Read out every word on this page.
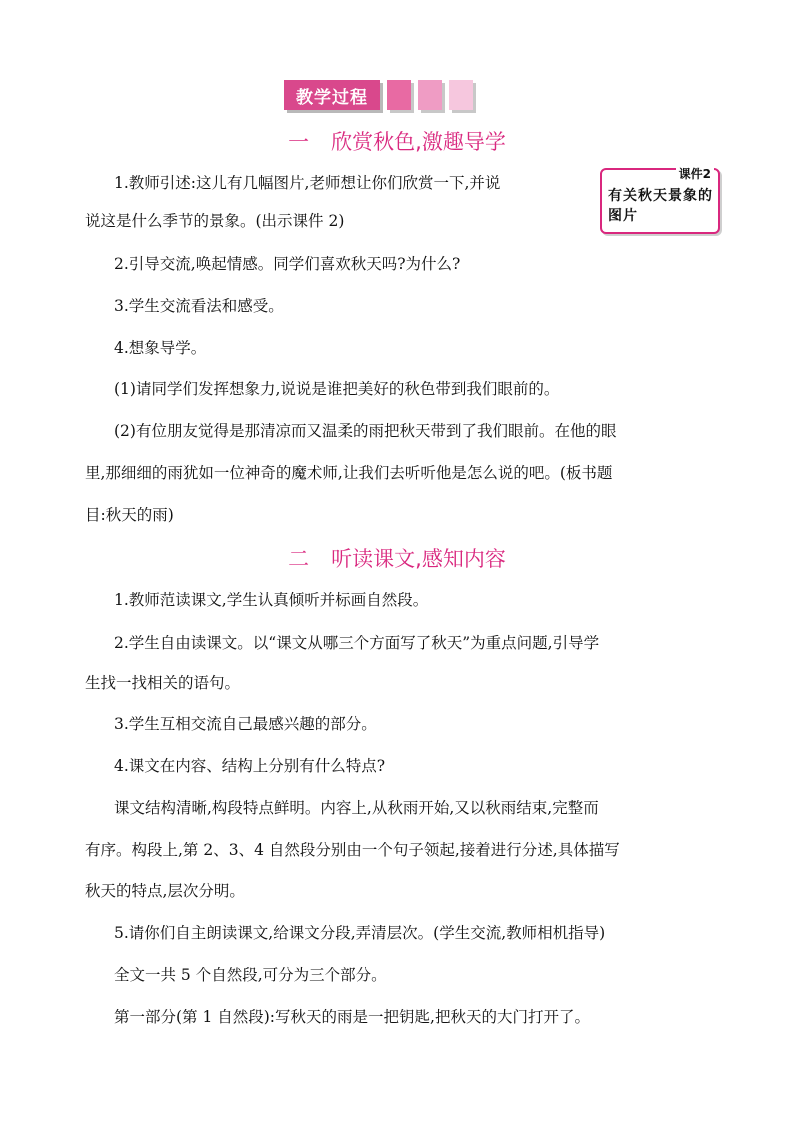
教学过程
一 欣赏秋色,激趣导学
课件2
有关秋天景象的图片
1.教师引述:这儿有几幅图片,老师想让你们欣赏一下,并说
说这是什么季节的景象。(出示课件 2)
2.引导交流,唤起情感。同学们喜欢秋天吗?为什么?
3.学生交流看法和感受。
4.想象导学。
(1)请同学们发挥想象力,说说是谁把美好的秋色带到我们眼前的。
(2)有位朋友觉得是那清凉而又温柔的雨把秋天带到了我们眼前。在他的眼
里,那细细的雨犹如一位神奇的魔术师,让我们去听听他是怎么说的吧。(板书题
目:秋天的雨)
二 听读课文,感知内容
1.教师范读课文,学生认真倾听并标画自然段。
2.学生自由读课文。以“课文从哪三个方面写了秋天”为重点问题,引导学
生找一找相关的语句。
3.学生互相交流自己最感兴趣的部分。
4.课文在内容、结构上分别有什么特点?
课文结构清晰,构段特点鲜明。内容上,从秋雨开始,又以秋雨结束,完整而
有序。构段上,第 2、3、4 自然段分别由一个句子领起,接着进行分述,具体描写
秋天的特点,层次分明。
5.请你们自主朗读课文,给课文分段,弄清层次。(学生交流,教师相机指导)
全文一共 5 个自然段,可分为三个部分。
第一部分(第 1 自然段):写秋天的雨是一把钥匙,把秋天的大门打开了。
